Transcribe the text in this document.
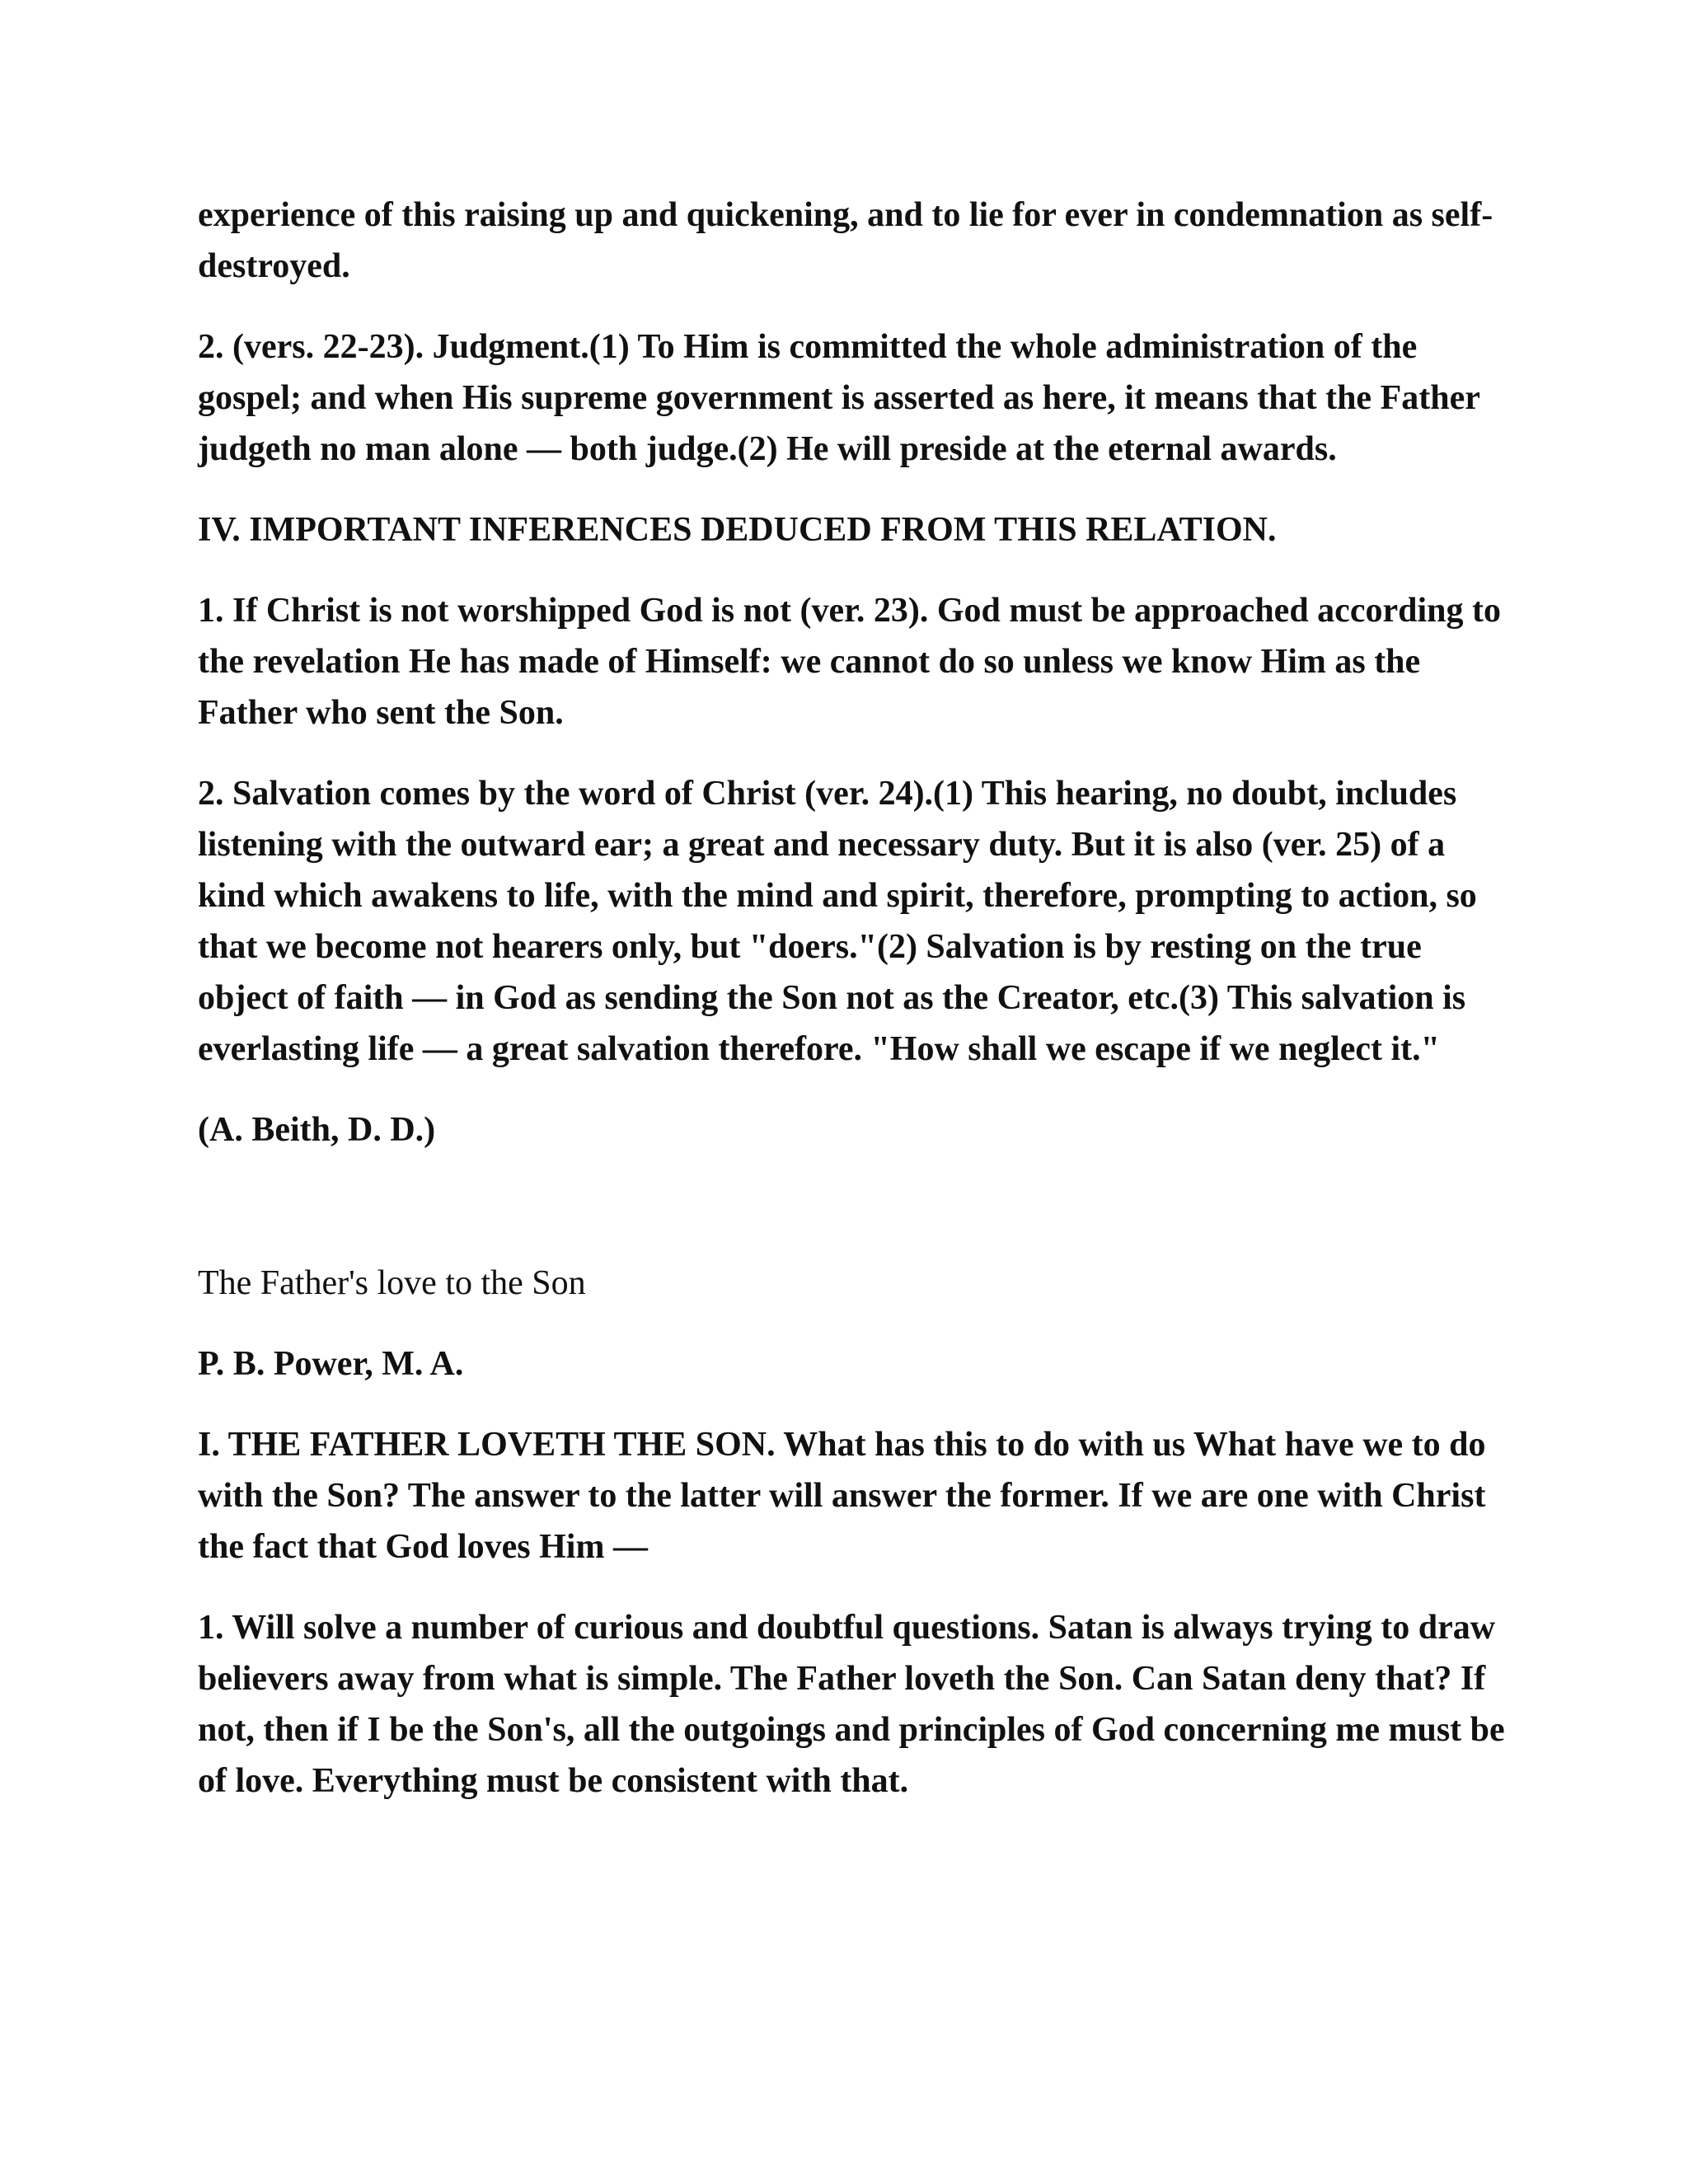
experience of this raising up and quickening, and to lie for ever in condemnation as self-destroyed.

2. (vers. 22-23). Judgment.(1) To Him is committed the whole administration of the gospel; and when His supreme government is asserted as here, it means that the Father judgeth no man alone — both judge.(2) He will preside at the eternal awards.

IV. IMPORTANT INFERENCES DEDUCED FROM THIS RELATION.

1. If Christ is not worshipped God is not (ver. 23). God must be approached according to the revelation He has made of Himself: we cannot do so unless we know Him as the Father who sent the Son.

2. Salvation comes by the word of Christ (ver. 24).(1) This hearing, no doubt, includes listening with the outward ear; a great and necessary duty. But it is also (ver. 25) of a kind which awakens to life, with the mind and spirit, therefore, prompting to action, so that we become not hearers only, but "doers."(2) Salvation is by resting on the true object of faith — in God as sending the Son not as the Creator, etc.(3) This salvation is everlasting life — a great salvation therefore. "How shall we escape if we neglect it."

(A. Beith, D. D.)

The Father's love to the Son

P. B. Power, M. A.

I. THE FATHER LOVETH THE SON. What has this to do with us What have we to do with the Son? The answer to the latter will answer the former. If we are one with Christ the fact that God loves Him —

1. Will solve a number of curious and doubtful questions. Satan is always trying to draw believers away from what is simple. The Father loveth the Son. Can Satan deny that? If not, then if I be the Son's, all the outgoings and principles of God concerning me must be of love. Everything must be consistent with that.
